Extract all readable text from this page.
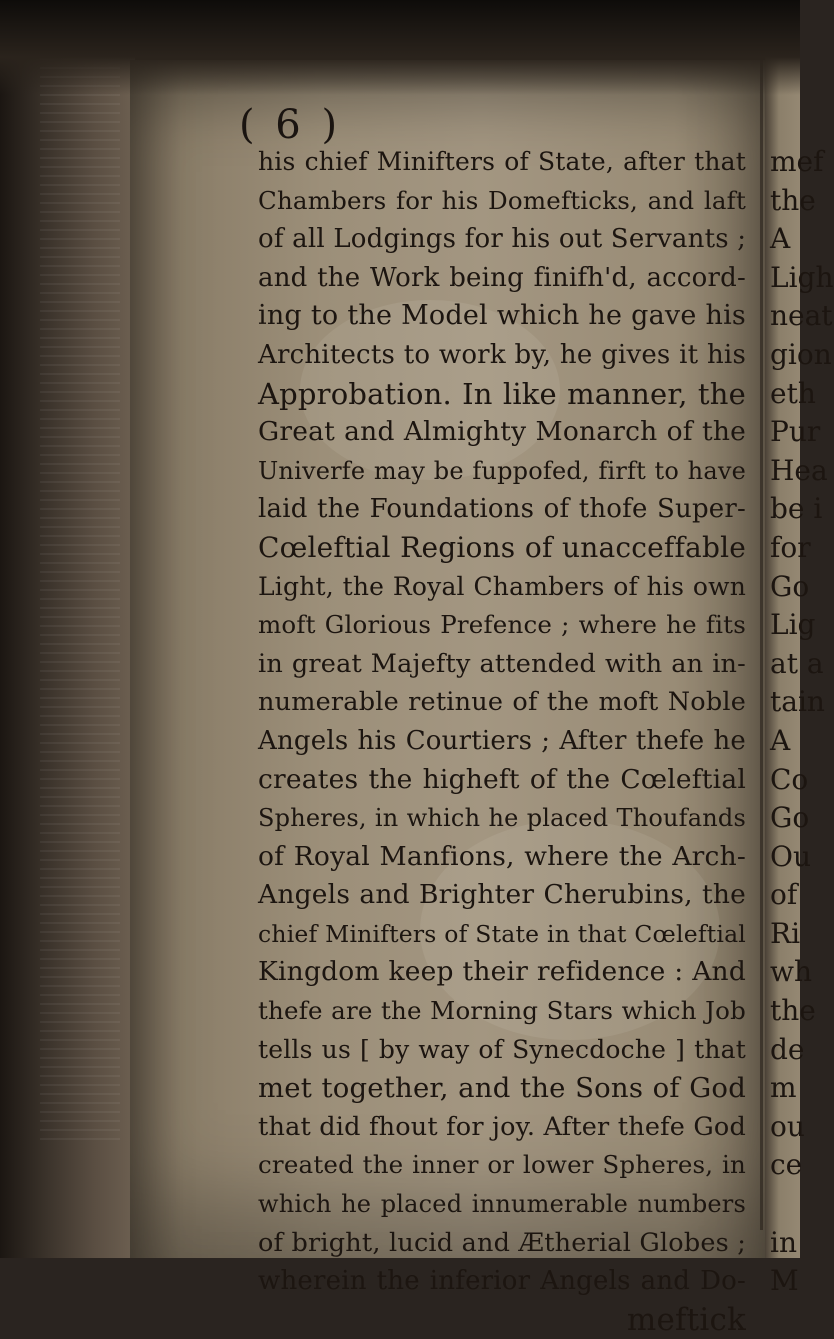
( 6 )
his chief Minifters of State, after that
Chambers for his Domefticks, and laft
of all Lodgings for his out Servants ;
and the Work being finifh'd, accord-
ing to the Model which he gave his
Architects to work by, he gives it his
Approbation. In like manner, the
Great and Almighty Monarch of the
Univerfe may be fuppofed, firft to have
laid the Foundations of thofe Super-
Cœleftial Regions of unacceffable
Light, the Royal Chambers of his own
moft Glorious Prefence ; where he fits
in great Majefty attended with an in-
numerable retinue of the moft Noble
Angels his Courtiers ; After thefe he
creates the higheft of the Cœleftial
Spheres, in which he placed Thoufands
of Royal Manfions, where the Arch-
Angels and Brighter Cherubins, the
chief Minifters of State in that Cœleftial
Kingdom keep their refidence : And
thefe are the Morning Stars which Job
tells us [ by way of Synecdoche ] that
met together, and the Sons of God
that did fhout for joy. After thefe God
created the inner or lower Spheres, in
which he placed innumerable numbers
of bright, lucid and Ætherial Globes ;
wherein the inferior Angels and Do-
meftick
mef
the
A
Ligh
neat
gion
eth
Pur
Hea
be i
for
Go
Lig
at a
tain
A
Co
Go
Ou
of
Ri
wh
the
de
m
ou
ce
in
M
